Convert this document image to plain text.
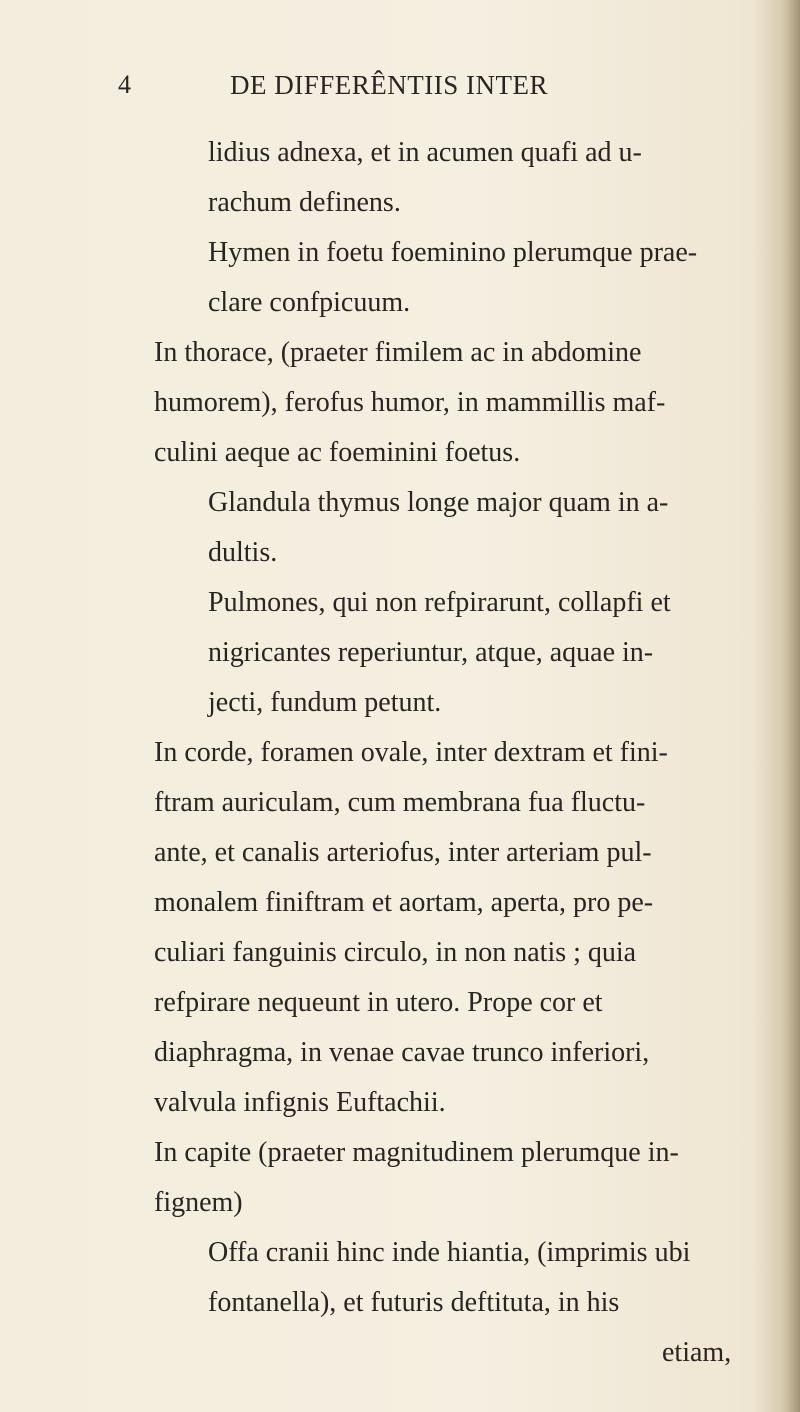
4	DE DIFFERÊNTIIS INTER
lidius adnexa, et in acumen quafi ad u-
rachum definens.
Hymen in foetu foeminino plerumque prae-
clare confpicuum.
In thorace, (praeter fimilem ac in abdomine
humorem), ferofus humor, in mammillis maf-
culini aeque ac foeminini foetus.
Glandula thymus longe major quam in a-
dultis.
Pulmones, qui non refpirarunt, collapfi et
nigricantes reperiuntur, atque, aquae in-
jecti, fundum petunt.
In corde, foramen ovale, inter dextram et fini-
ftram auriculam, cum membrana fua fluctu-
ante, et canalis arteriofus, inter arteriam pul-
monalem finiftram et aortam, aperta, pro pe-
culiari fanguinis circulo, in non natis ; quia
refpirare nequeunt in utero. Prope cor et
diaphragma, in venae cavae trunco inferiori,
valvula infignis Euftachii.
In capite (praeter magnitudinem plerumque in-
fignem)
Offa cranii hinc inde hiantia, (imprimis ubi
fontanella), et futuris deftituta, in his
etiam,
